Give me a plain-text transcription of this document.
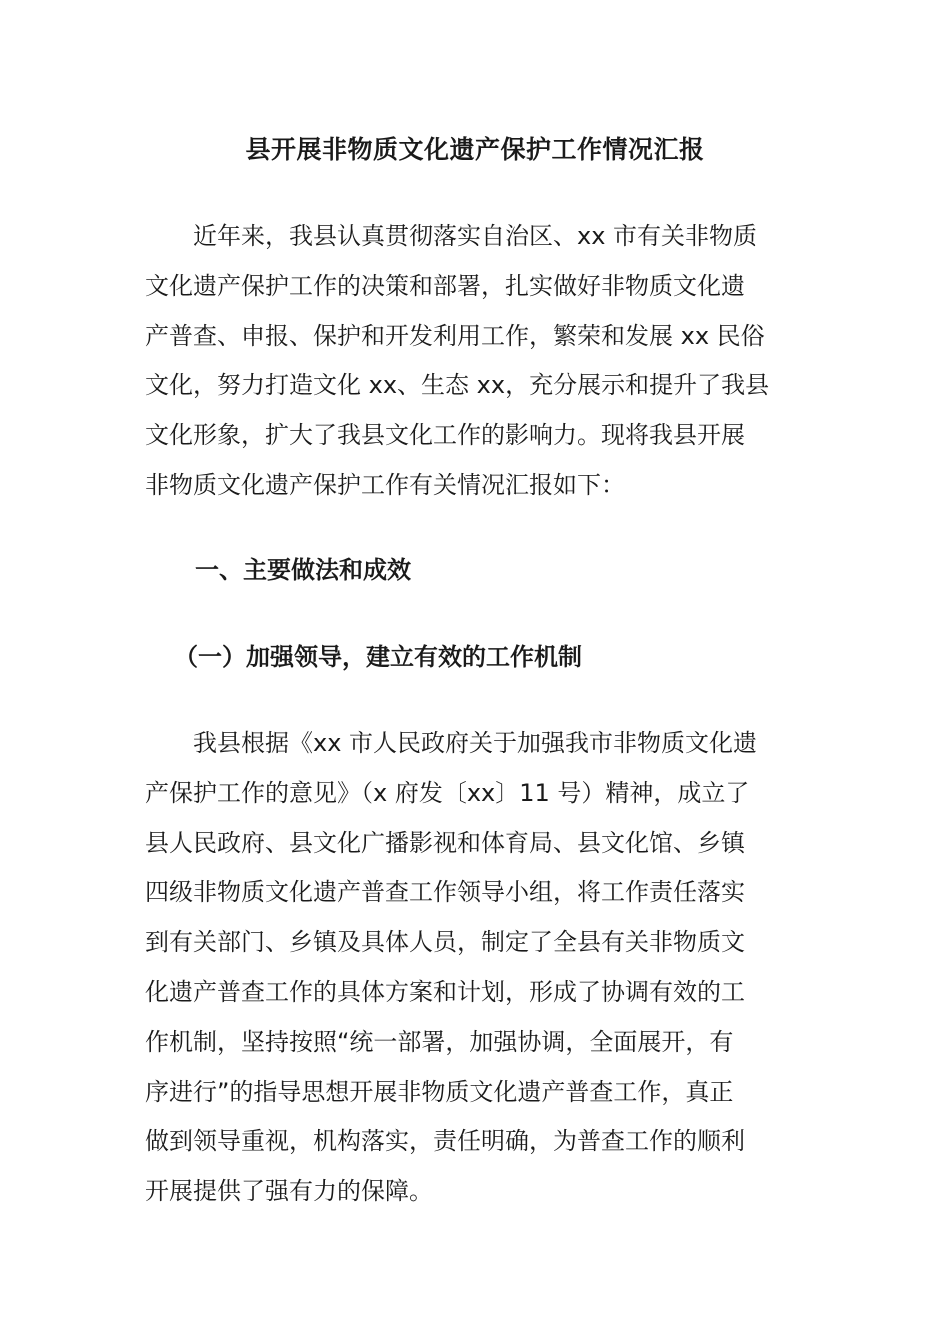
县开展非物质文化遗产保护工作情况汇报

　　近年来，我县认真贯彻落实自治区、xx 市有关非物质
文化遗产保护工作的决策和部署，扎实做好非物质文化遗
产普查、申报、保护和开发利用工作，繁荣和发展 xx 民俗
文化，努力打造文化 xx、生态 xx，充分展示和提升了我县
文化形象，扩大了我县文化工作的影响力。现将我县开展
非物质文化遗产保护工作有关情况汇报如下：

一、主要做法和成效
（一）加强领导，建立有效的工作机制

　　我县根据《xx 市人民政府关于加强我市非物质文化遗
产保护工作的意见》（x 府发〔xx〕11 号）精神，成立了
县人民政府、县文化广播影视和体育局、县文化馆、乡镇
四级非物质文化遗产普查工作领导小组，将工作责任落实
到有关部门、乡镇及具体人员，制定了全县有关非物质文
化遗产普查工作的具体方案和计划，形成了协调有效的工
作机制，坚持按照“统一部署，加强协调，全面展开，有
序进行”的指导思想开展非物质文化遗产普查工作，真正
做到领导重视，机构落实，责任明确，为普查工作的顺利
开展提供了强有力的保障。
